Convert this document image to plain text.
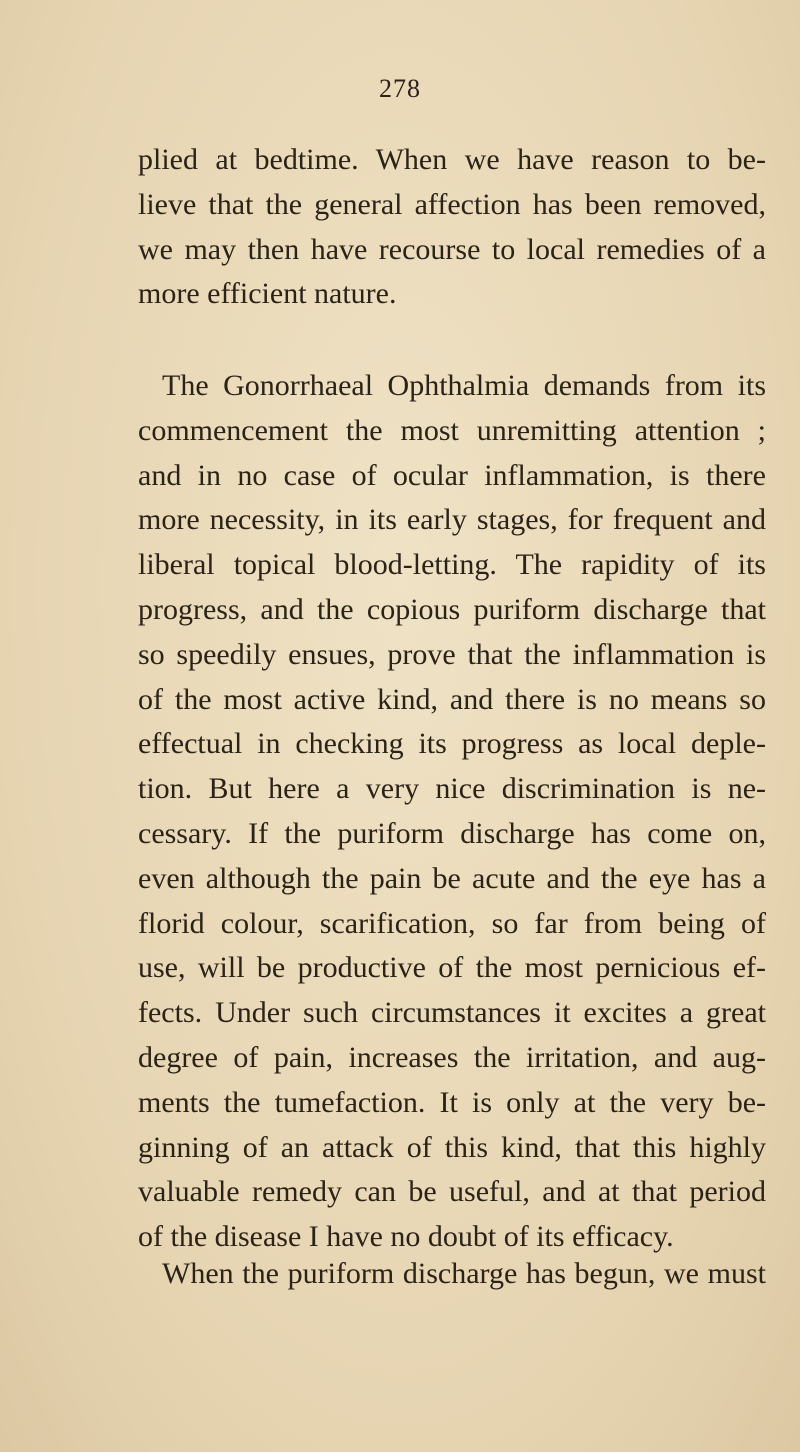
278
plied at bedtime. When we have reason to be-
lieve that the general affection has been removed,
we may then have recourse to local remedies of a
more efficient nature.
The Gonorrhaeal Ophthalmia demands from its
commencement the most unremitting attention ;
and in no case of ocular inflammation, is there
more necessity, in its early stages, for frequent and
liberal topical blood-letting. The rapidity of its
progress, and the copious puriform discharge that
so speedily ensues, prove that the inflammation is
of the most active kind, and there is no means so
effectual in checking its progress as local deple-
tion. But here a very nice discrimination is ne-
cessary. If the puriform discharge has come on,
even although the pain be acute and the eye has a
florid colour, scarification, so far from being of
use, will be productive of the most pernicious ef-
fects. Under such circumstances it excites a great
degree of pain, increases the irritation, and aug-
ments the tumefaction. It is only at the very be-
ginning of an attack of this kind, that this highly
valuable remedy can be useful, and at that period
of the disease I have no doubt of its efficacy.
When the puriform discharge has begun, we must
